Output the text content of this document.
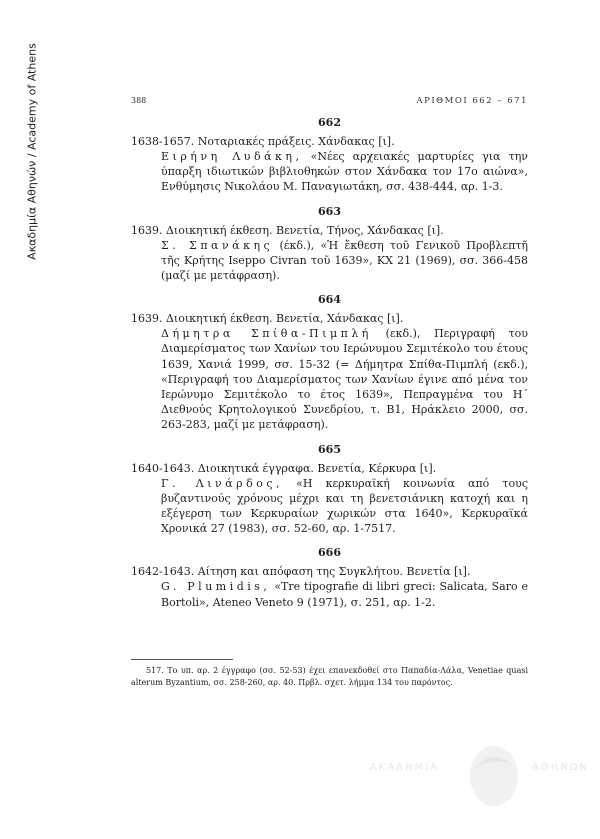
Ακαδημία Αθηνών / Academy of Athens	388	ΑΡΙΘΜΟΙ 662 – 671
662
1638-1657. Νοταριακές πράξεις. Χάνδακας [ι].
Ειρήνη Λυδάκη, «Νέες αρχειακές μαρτυρίες για την ύπαρξη ιδιωτικών βιβλιοθηκών στον Χάνδακα τον 17ο αιώνα», Ενθύμησις Νικολάου Μ. Παναγιωτάκη, σσ. 438-444, αρ. 1-3.
663
1639. Διοικητική έκθεση. Βενετία, Τήνος, Χάνδακας [ι].
Σ. Σπανάκης (έκδ.), «Ἡ ἔκθεση τοῦ Γενικοῦ Προβλεπτῆ τῆς Κρήτης Iseppo Civran τοῦ 1639», ΚΧ 21 (1969), σσ. 366-458 (μαζί με μετάφραση).
664
1639. Διοικητική έκθεση. Βενετία, Χάνδακας [ι].
Δήμητρα Σπίθα-Πιμπλή (εκδ.), Περιγραφή του Διαμερίσματος των Χανίων του Ιερώνυμου Σεμιτέκολο του έτους 1639, Χανιά 1999, σσ. 15-32 (= Δήμητρα Σπίθα-Πιμπλή (εκδ.), «Περιγραφή του Διαμερίσματος των Χανίων έγινε από μένα τον Ιερώνυμο Σεμιτέκολο το έτος 1639», Πεπραγμένα του Η΄ Διεθνούς Κρητολογικού Συνεδρίου, τ. Β1, Ηράκλειο 2000, σσ. 263-283, μαζί με μετάφραση).
665
1640-1643. Διοικητικά έγγραφα. Βενετία, Κέρκυρα [ι].
Γ. Λινάρδος, «Η κερκυραϊκή κοινωνία από τους βυζαντινούς χρόνους μέχρι και τη βενετσιάνικη κατοχή και η εξέγερση των Κερκυραίων χωρικών στα 1640», Κερκυραϊκά Χρονικά 27 (1983), σσ. 52-60, αρ. 1-7517.
666
1642-1643. Αίτηση και απόφαση της Συγκλήτου. Βενετία [ι].
G. Plumidis, «Tre tipografie di libri greci: Salicata, Saro e Bortoli», Ateneo Veneto 9 (1971), σ. 251, αρ. 1-2.
517. Το υπ. αρ. 2 έγγραφο (σσ. 52-53) έχει επανεκδοθεί στο Παπαδία-Λάλα, Venetiae quasi alterum Byzantium, σσ. 258-260, αρ. 40. Πρβλ. σχετ. λήμμα 134 του παρόντος.
ΑΚΑΔΗΜΙΑ	ΑΘΗΝΩΝ
